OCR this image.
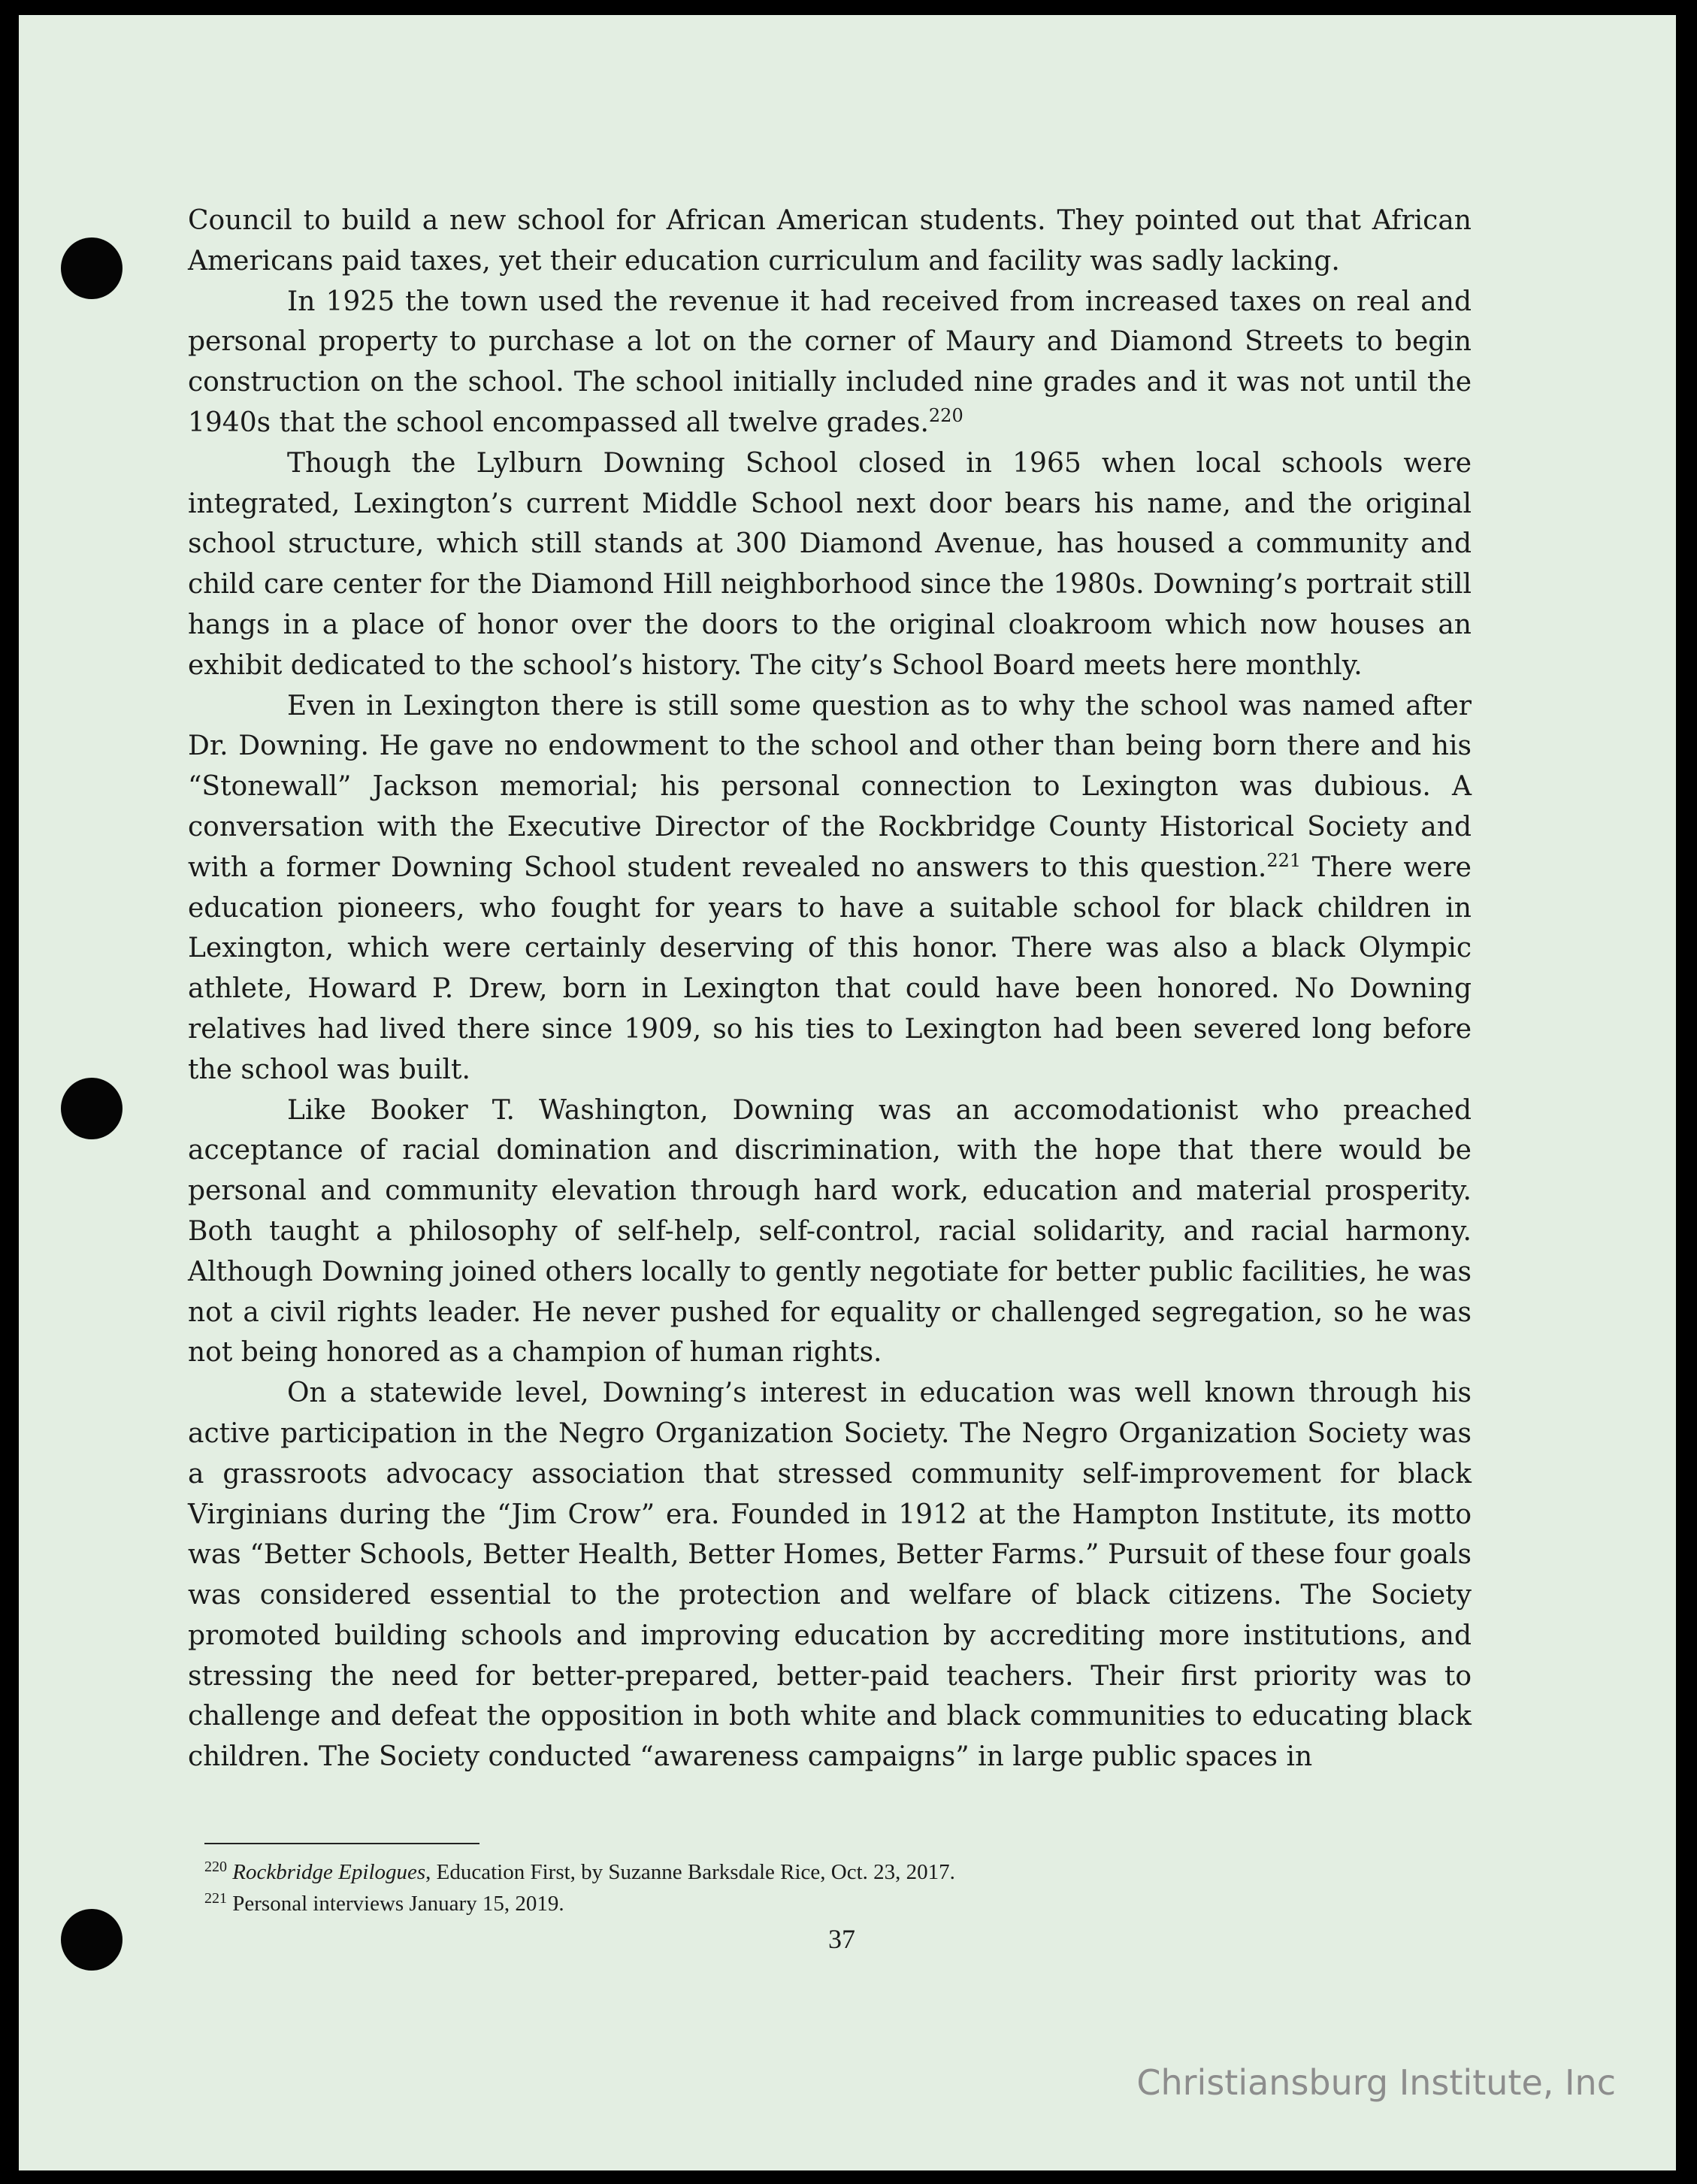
Council to build a new school for African American students. They pointed out that African Americans paid taxes, yet their education curriculum and facility was sadly lacking.

In 1925 the town used the revenue it had received from increased taxes on real and personal property to purchase a lot on the corner of Maury and Diamond Streets to begin construction on the school. The school initially included nine grades and it was not until the 1940s that the school encompassed all twelve grades.$^{220}$

Though the Lylburn Downing School closed in 1965 when local schools were integrated, Lexington’s current Middle School next door bears his name, and the original school structure, which still stands at 300 Diamond Avenue, has housed a community and child care center for the Diamond Hill neighborhood since the 1980s. Downing’s portrait still hangs in a place of honor over the doors to the original cloakroom which now houses an exhibit dedicated to the school’s history. The city’s School Board meets here monthly.

Even in Lexington there is still some question as to why the school was named after Dr. Downing. He gave no endowment to the school and other than being born there and his “Stonewall” Jackson memorial; his personal connection to Lexington was dubious. A conversation with the Executive Director of the Rockbridge County Historical Society and with a former Downing School student revealed no answers to this question.$^{221}$ There were education pioneers, who fought for years to have a suitable school for black children in Lexington, which were certainly deserving of this honor. There was also a black Olympic athlete, Howard P. Drew, born in Lexington that could have been honored. No Downing relatives had lived there since 1909, so his ties to Lexington had been severed long before the school was built.

Like Booker T. Washington, Downing was an accomodationist who preached acceptance of racial domination and discrimination, with the hope that there would be personal and community elevation through hard work, education and material prosperity. Both taught a philosophy of self-help, self-control, racial solidarity, and racial harmony. Although Downing joined others locally to gently negotiate for better public facilities, he was not a civil rights leader. He never pushed for equality or challenged segregation, so he was not being honored as a champion of human rights.

On a statewide level, Downing’s interest in education was well known through his active participation in the Negro Organization Society. The Negro Organization Society was a grassroots advocacy association that stressed community self-improvement for black Virginians during the “Jim Crow” era. Founded in 1912 at the Hampton Institute, its motto was “Better Schools, Better Health, Better Homes, Better Farms.” Pursuit of these four goals was considered essential to the protection and welfare of black citizens. The Society promoted building schools and improving education by accrediting more institutions, and stressing the need for better-prepared, better-paid teachers. Their first priority was to challenge and defeat the opposition in both white and black communities to educating black children. The Society conducted “awareness campaigns” in large public spaces in

$^{220}$ Rockbridge Epilogues, Education First, by Suzanne Barksdale Rice, Oct. 23, 2017.
$^{221}$ Personal interviews January 15, 2019.
37
Christiansburg Institute, Inc
